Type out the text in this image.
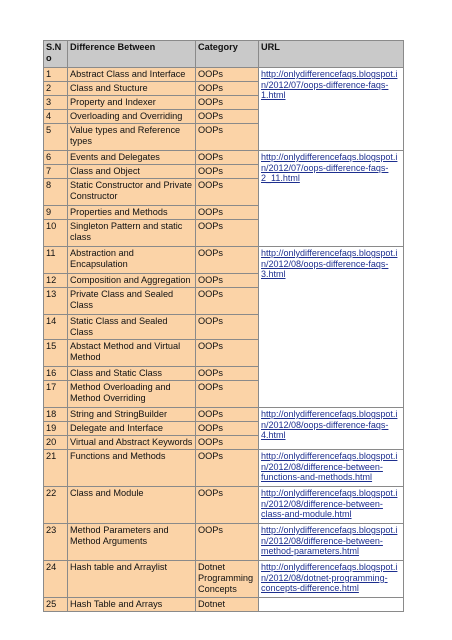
S.No	Difference Between	Category	URL
1	Abstract Class and Interface	OOPs	http://onlydifferencefaqs.blogspot.in/2012/07/oops-difference-faqs-1.html
2	Class and Stucture	OOPs	
3	Property and Indexer	OOPs	
4	Overloading and Overriding	OOPs	
5	Value types and Reference types	OOPs	
6	Events and Delegates	OOPs	http://onlydifferencefaqs.blogspot.in/2012/07/oops-difference-faqs-2_11.html
7	Class and Object	OOPs	
8	Static Constructor and Private Constructor	OOPs	
9	Properties and Methods	OOPs	
10	Singleton Pattern and static class	OOPs	
11	Abstraction and Encapsulation	OOPs	http://onlydifferencefaqs.blogspot.in/2012/08/oops-difference-faqs-3.html
12	Composition and Aggregation	OOPs	
13	Private Class and Sealed Class	OOPs	
14	Static Class and Sealed Class	OOPs	
15	Abstact Method and Virtual Method	OOPs	
16	Class and Static Class	OOPs	
17	Method Overloading and Method Overriding	OOPs	
18	String and StringBuilder	OOPs	http://onlydifferencefaqs.blogspot.in/2012/08/oops-difference-faqs-4.html
19	Delegate and Interface	OOPs	
20	Virtual and Abstract Keywords	OOPs	
21	Functions and Methods	OOPs	http://onlydifferencefaqs.blogspot.in/2012/08/difference-between-functions-and-methods.html
22	Class and Module	OOPs	http://onlydifferencefaqs.blogspot.in/2012/08/difference-between-class-and-module.html
23	Method Parameters and Method Arguments	OOPs	http://onlydifferencefaqs.blogspot.in/2012/08/difference-between-method-parameters.html
24	Hash table and Arraylist	Dotnet Programming Concepts	http://onlydifferencefaqs.blogspot.in/2012/08/dotnet-programming-concepts-difference.html
25	Hash Table and Arrays	Dotnet	
